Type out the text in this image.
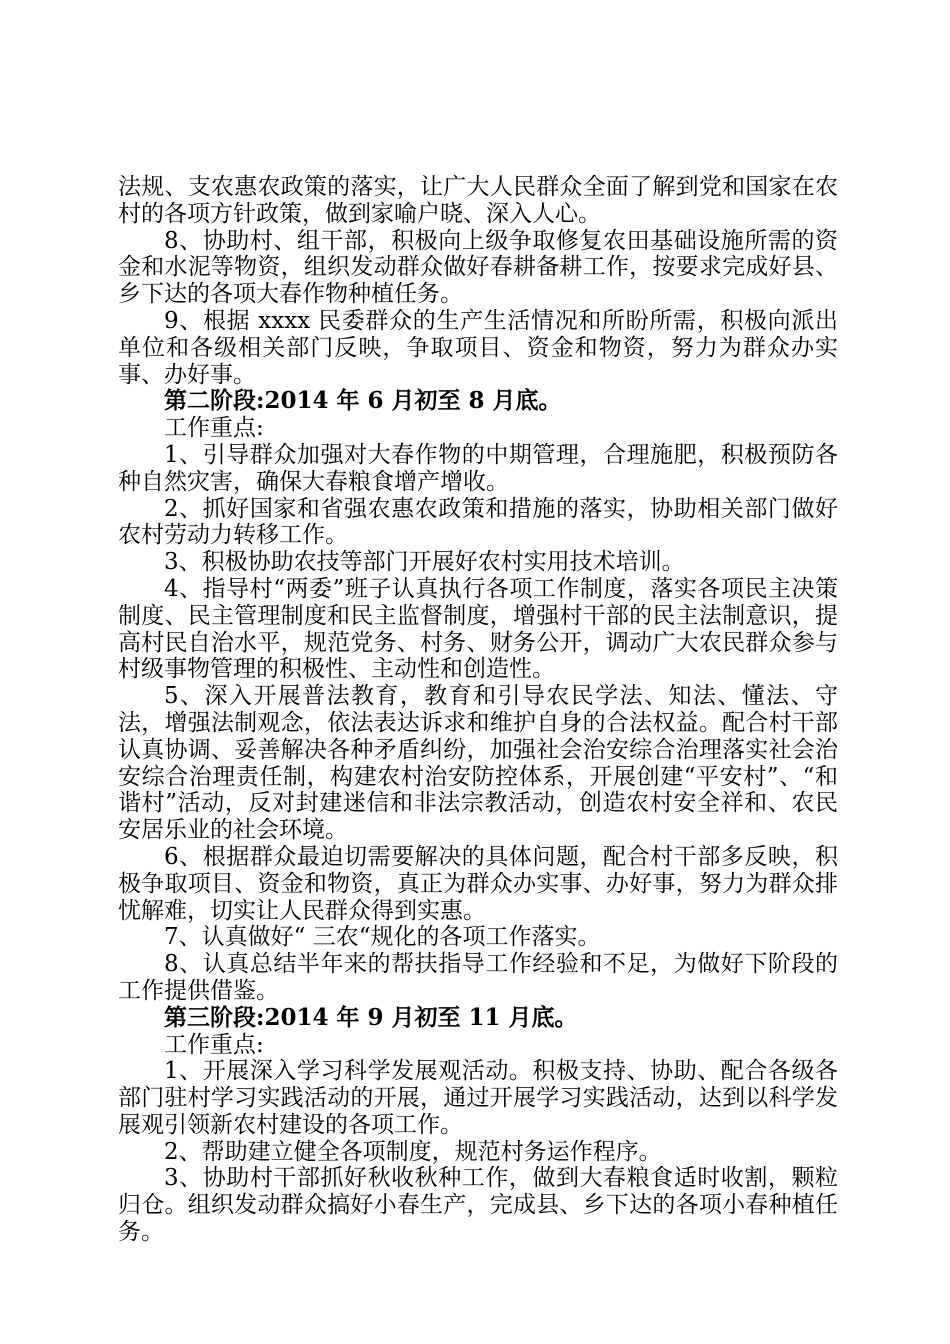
法规、支农惠农政策的落实，让广大人民群众全面了解到党和国家在农村的各项方针政策，做到家喻户晓、深入人心。

8、协助村、组干部，积极向上级争取修复农田基础设施所需的资金和水泥等物资，组织发动群众做好春耕备耕工作，按要求完成好县、乡下达的各项大春作物种植任务。

9、根据 xxxx 民委群众的生产生活情况和所盼所需，积极向派出单位和各级相关部门反映，争取项目、资金和物资，努力为群众办实事、办好事。

第二阶段:2014 年 6 月初至 8 月底。

工作重点:

1、引导群众加强对大春作物的中期管理，合理施肥，积极预防各种自然灾害，确保大春粮食增产增收。

2、抓好国家和省强农惠农政策和措施的落实，协助相关部门做好农村劳动力转移工作。

3、积极协助农技等部门开展好农村实用技术培训。

4、指导村“两委”班子认真执行各项工作制度，落实各项民主决策制度、民主管理制度和民主监督制度，增强村干部的民主法制意识，提高村民自治水平，规范党务、村务、财务公开，调动广大农民群众参与村级事物管理的积极性、主动性和创造性。

5、深入开展普法教育，教育和引导农民学法、知法、懂法、守法，增强法制观念，依法表达诉求和维护自身的合法权益。配合村干部认真协调、妥善解决各种矛盾纠纷，加强社会治安综合治理落实社会治安综合治理责任制，构建农村治安防控体系，开展创建“平安村”、“和谐村”活动，反对封建迷信和非法宗教活动，创造农村安全祥和、农民安居乐业的社会环境。

6、根据群众最迫切需要解决的具体问题，配合村干部多反映，积极争取项目、资金和物资，真正为群众办实事、办好事，努力为群众排忧解难，切实让人民群众得到实惠。

7、认真做好“ 三农“规化的各项工作落实。

8、认真总结半年来的帮扶指导工作经验和不足，为做好下阶段的工作提供借鉴。

第三阶段:2014 年 9 月初至 11 月底。

工作重点:

1、开展深入学习科学发展观活动。积极支持、协助、配合各级各部门驻村学习实践活动的开展，通过开展学习实践活动，达到以科学发展观引领新农村建设的各项工作。

2、帮助建立健全各项制度，规范村务运作程序。

3、协助村干部抓好秋收秋种工作，做到大春粮食适时收割，颗粒归仓。组织发动群众搞好小春生产，完成县、乡下达的各项小春种植任务。
